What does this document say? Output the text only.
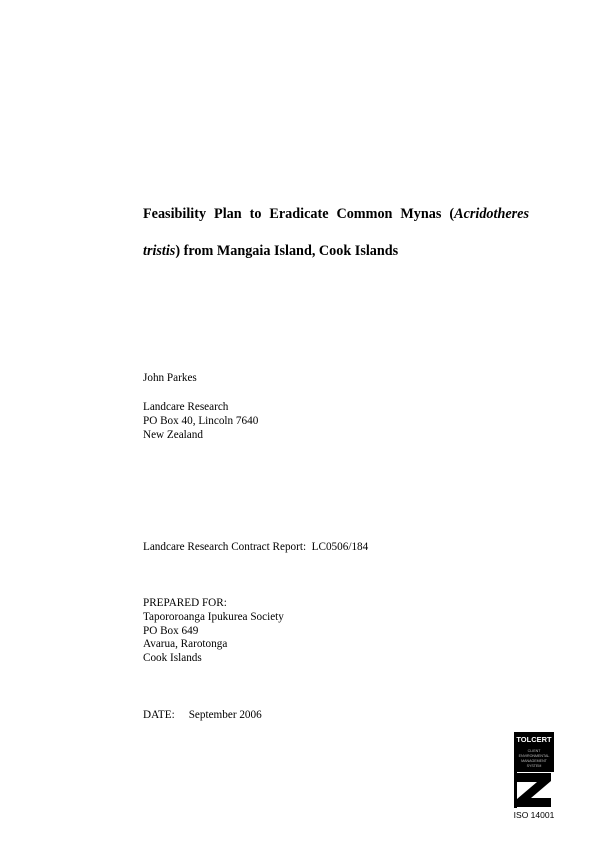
Feasibility Plan to Eradicate Common Mynas (Acridotheres tristis) from Mangaia Island, Cook Islands

John Parkes
Landcare Research
PO Box 40, Lincoln 7640
New Zealand
Landcare Research Contract Report:  LC0506/184
PREPARED FOR:
Tapororoanga Ipukurea Society
PO Box 649
Avarua, Rarotonga
Cook Islands
DATE: September 2006
TOLCERT
CLIENT
ENVIRONMENTAL
MANAGEMENT
SYSTEM
ISO 14001
